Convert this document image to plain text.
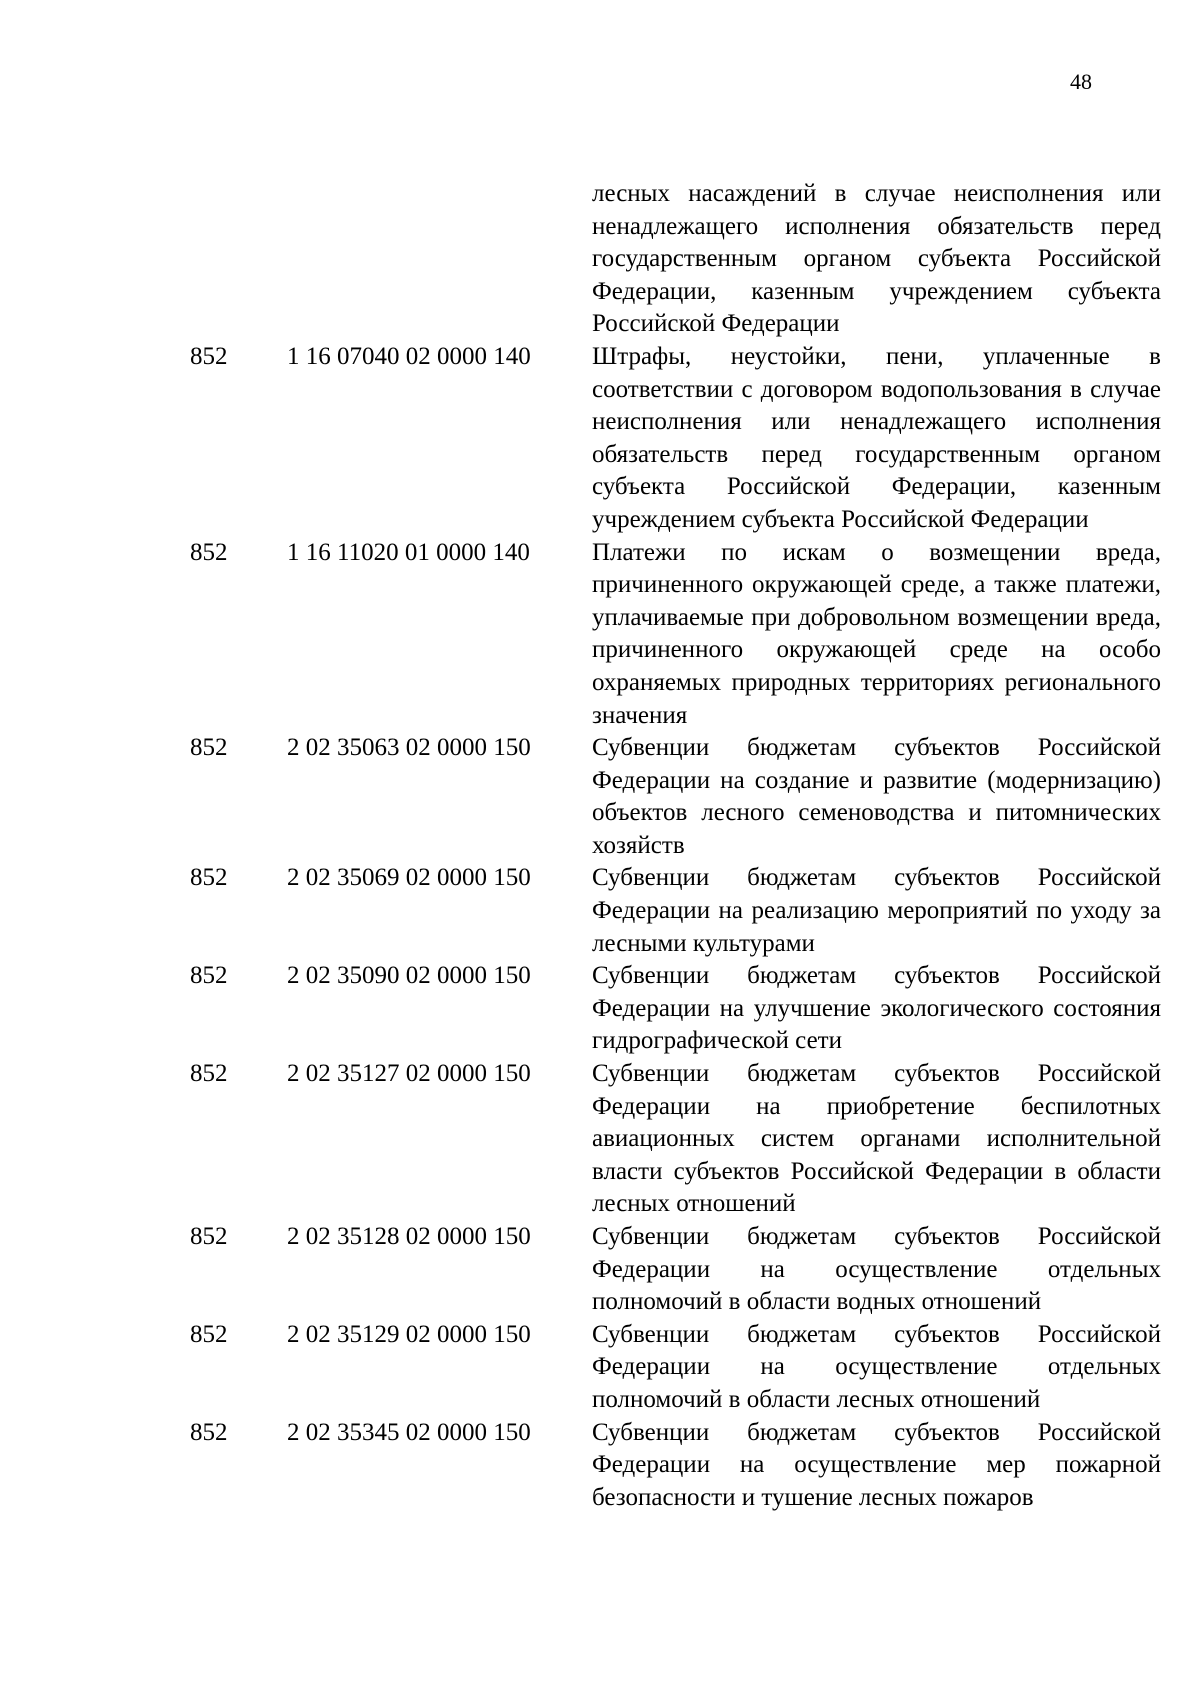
48
лесных насаждений в случае неисполнения или ненадлежащего исполнения обязательств перед государственным органом субъекта Российской Федерации, казенным учреждением субъекта Российской Федерации
852 1 16 07040 02 0000 140 Штрафы, неустойки, пени, уплаченные в соответствии с договором водопользования в случае неисполнения или ненадлежащего исполнения обязательств перед государственным органом субъекта Российской Федерации, казенным учреждением субъекта Российской Федерации
852 1 16 11020 01 0000 140 Платежи по искам о возмещении вреда, причиненного окружающей среде, а также платежи, уплачиваемые при добровольном возмещении вреда, причиненного окружающей среде на особо охраняемых природных территориях регионального значения
852 2 02 35063 02 0000 150 Субвенции бюджетам субъектов Российской Федерации на создание и развитие (модернизацию) объектов лесного семеноводства и питомнических хозяйств
852 2 02 35069 02 0000 150 Субвенции бюджетам субъектов Российской Федерации на реализацию мероприятий по уходу за лесными культурами
852 2 02 35090 02 0000 150 Субвенции бюджетам субъектов Российской Федерации на улучшение экологического состояния гидрографической сети
852 2 02 35127 02 0000 150 Субвенции бюджетам субъектов Российской Федерации на приобретение беспилотных авиационных систем органами исполнительной власти субъектов Российской Федерации в области лесных отношений
852 2 02 35128 02 0000 150 Субвенции бюджетам субъектов Российской Федерации на осуществление отдельных полномочий в области водных отношений
852 2 02 35129 02 0000 150 Субвенции бюджетам субъектов Российской Федерации на осуществление отдельных полномочий в области лесных отношений
852 2 02 35345 02 0000 150 Субвенции бюджетам субъектов Российской Федерации на осуществление мер пожарной безопасности и тушение лесных пожаров
